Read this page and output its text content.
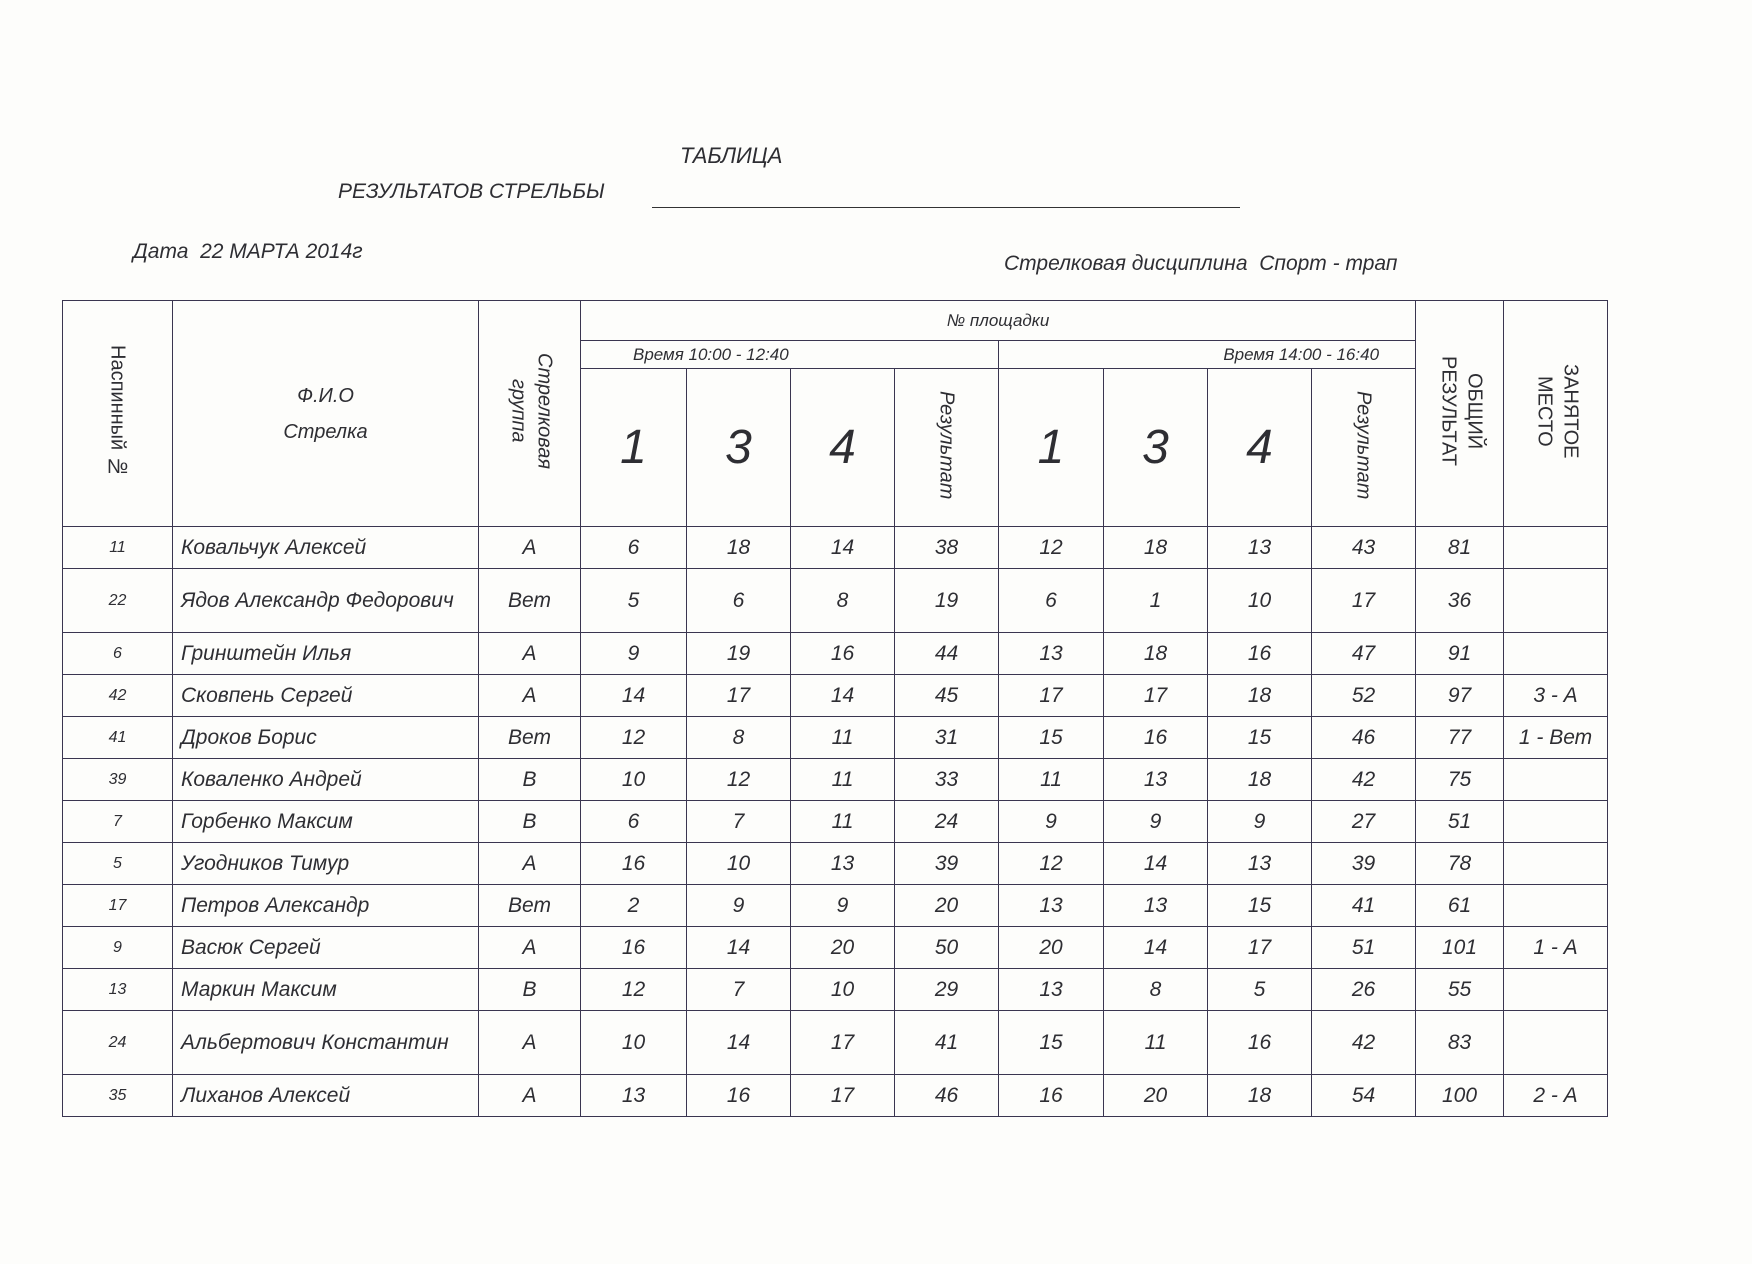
ТАБЛИЦА
РЕЗУЛЬТАТОВ СТРЕЛЬБЫ
Дата 22 МАРТА 2014г
Стрелковая дисциплина Спорт - трап
Наспинный №	Ф.И.О
Стрелка	Стрелковая группа	№ площадки								ОБЩИЙ РЕЗУЛЬТАТ	ЗАНЯТОЕ МЕСТО
			Время 10:00 - 12:40				Время 14:00 - 16:40					
			1	3	4	Результат	1	3	4	Результат		
11	Ковальчук Алексей	А	6	18	14	38	12	18	13	43	81	
22	Ядов Александр Федорович	Вет	5	6	8	19	6	1	10	17	36	
6	Гринштейн Илья	А	9	19	16	44	13	18	16	47	91	
42	Сковпень Сергей	А	14	17	14	45	17	17	18	52	97	3 - А
41	Дроков Борис	Вет	12	8	11	31	15	16	15	46	77	1 - Вет
39	Коваленко Андрей	В	10	12	11	33	11	13	18	42	75	
7	Горбенко Максим	В	6	7	11	24	9	9	9	27	51	
5	Угодников Тимур	А	16	10	13	39	12	14	13	39	78	
17	Петров Александр	Вет	2	9	9	20	13	13	15	41	61	
9	Васюк Сергей	А	16	14	20	50	20	14	17	51	101	1 - А
13	Маркин Максим	В	12	7	10	29	13	8	5	26	55	
24	Альбертович Константин	А	10	14	17	41	15	11	16	42	83	
35	Лиханов Алексей	А	13	16	17	46	16	20	18	54	100	2 - А
